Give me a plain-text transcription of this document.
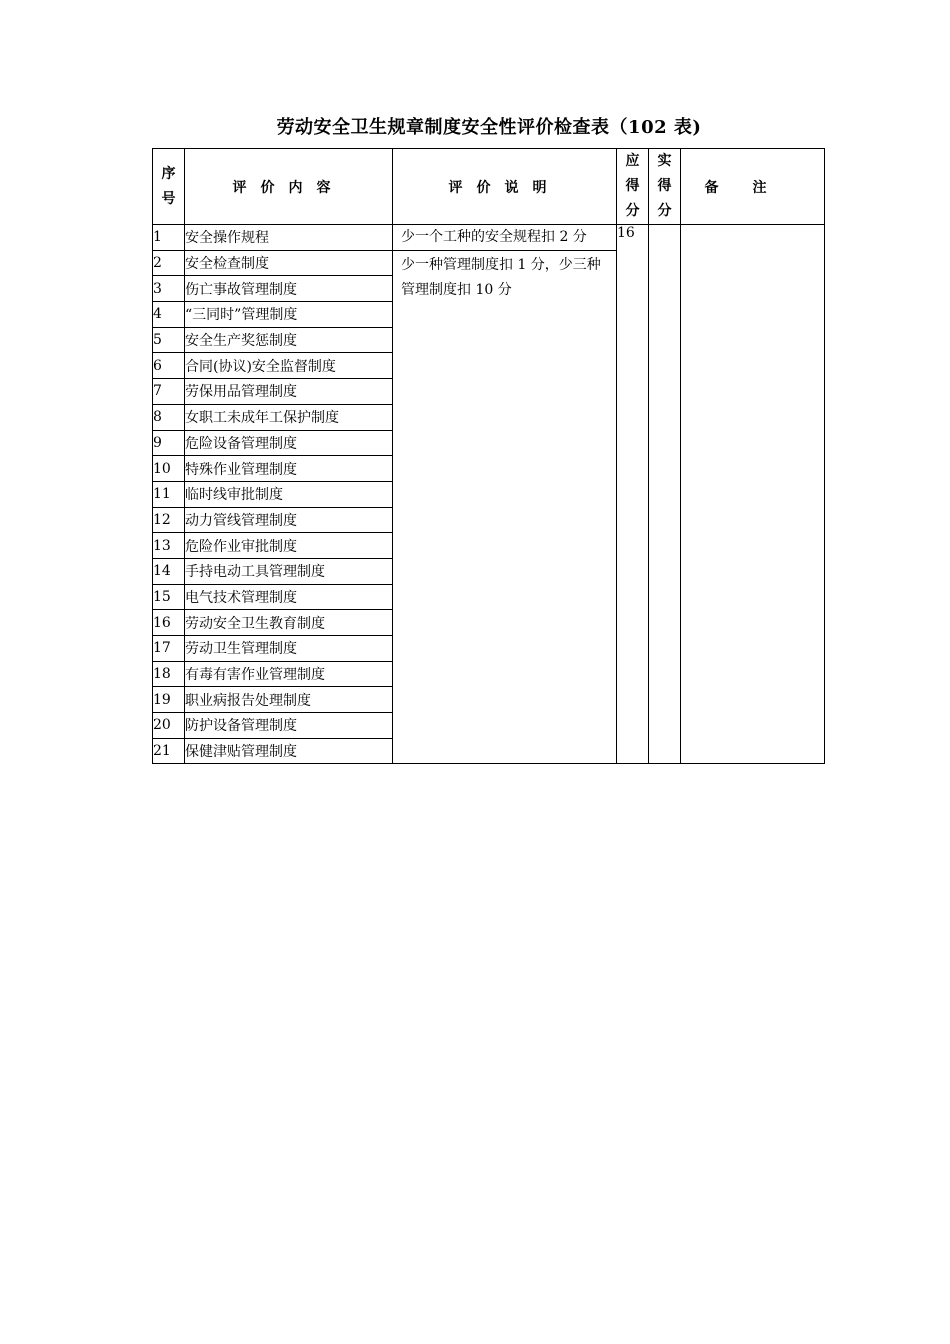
劳动安全卫生规章制度安全性评价检查表（102 表)
序
号	评价内容	评价说明	应
得
分	实
得
分	备注
1	安全操作规程	少一个工种的安全规程扣 2 分
少一种管理制度扣 1 分，少三种管理制度扣 10 分	16		
2	安全检查制度				
3	伤亡事故管理制度				
4	“三同时”管理制度				
5	安全生产奖惩制度				
6	合同(协议)安全监督制度				
7	劳保用品管理制度				
8	女职工未成年工保护制度				
9	危险设备管理制度				
10	特殊作业管理制度				
11	临时线审批制度				
12	动力管线管理制度				
13	危险作业审批制度				
14	手持电动工具管理制度				
15	电气技术管理制度				
16	劳动安全卫生教育制度				
17	劳动卫生管理制度				
18	有毒有害作业管理制度				
19	职业病报告处理制度				
20	防护设备管理制度				
21	保健津贴管理制度				
